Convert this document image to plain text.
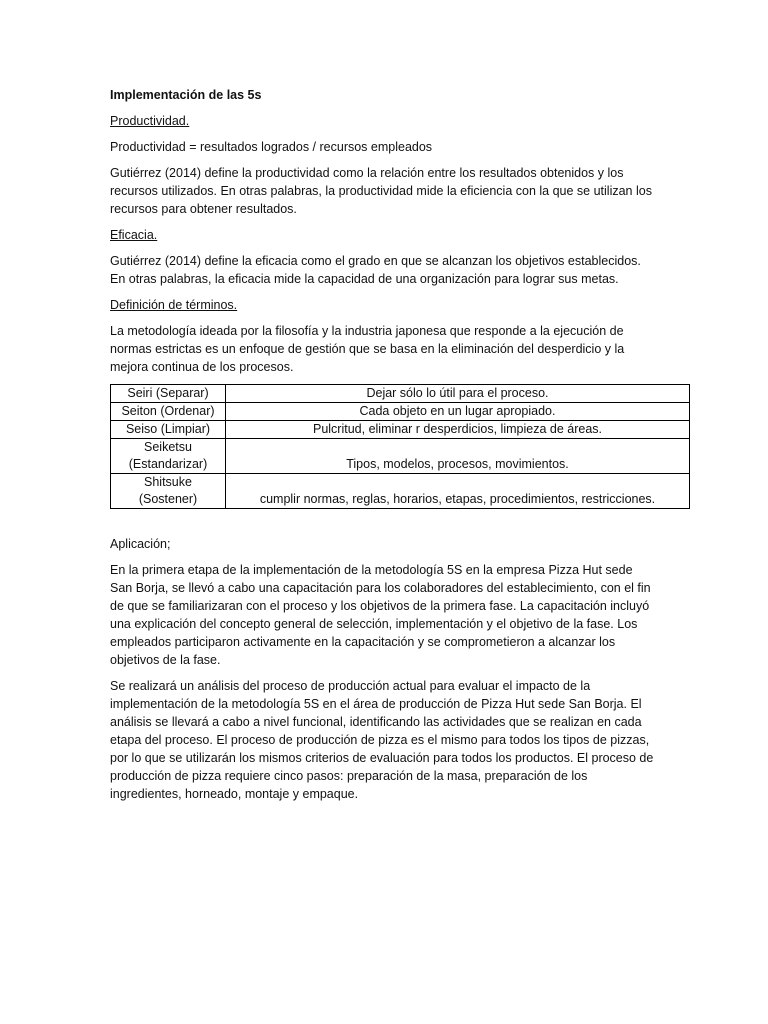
Implementación de las 5s

Productividad.

Productividad = resultados logrados / recursos empleados

Gutiérrez (2014) define la productividad como la relación entre los resultados obtenidos y los recursos utilizados. En otras palabras, la productividad mide la eficiencia con la que se utilizan los recursos para obtener resultados.

Eficacia.

Gutiérrez (2014) define la eficacia como el grado en que se alcanzan los objetivos establecidos. En otras palabras, la eficacia mide la capacidad de una organización para lograr sus metas.

Definición de términos.

La metodología ideada por la filosofía y la industria japonesa que responde a la ejecución de normas estrictas es un enfoque de gestión que se basa en la eliminación del desperdicio y la mejora continua de los procesos.

Seiri (Separar)	Dejar sólo lo útil para el proceso.
Seiton (Ordenar)	Cada objeto en un lugar apropiado.
Seiso (Limpiar)	Pulcritud, eliminar r desperdicios, limpieza de áreas.
Seiketsu
(Estandarizar)	Tipos, modelos, procesos, movimientos.
Shitsuke
(Sostener)	cumplir normas, reglas, horarios, etapas, procedimientos, restricciones.

Aplicación;

En la primera etapa de la implementación de la metodología 5S en la empresa Pizza Hut sede San Borja, se llevó a cabo una capacitación para los colaboradores del establecimiento, con el fin de que se familiarizaran con el proceso y los objetivos de la primera fase. La capacitación incluyó una explicación del concepto general de selección, implementación y el objetivo de la fase. Los empleados participaron activamente en la capacitación y se comprometieron a alcanzar los objetivos de la fase.

Se realizará un análisis del proceso de producción actual para evaluar el impacto de la implementación de la metodología 5S en el área de producción de Pizza Hut sede San Borja. El análisis se llevará a cabo a nivel funcional, identificando las actividades que se realizan en cada etapa del proceso. El proceso de producción de pizza es el mismo para todos los tipos de pizzas, por lo que se utilizarán los mismos criterios de evaluación para todos los productos. El proceso de producción de pizza requiere cinco pasos: preparación de la masa, preparación de los ingredientes, horneado, montaje y empaque.
